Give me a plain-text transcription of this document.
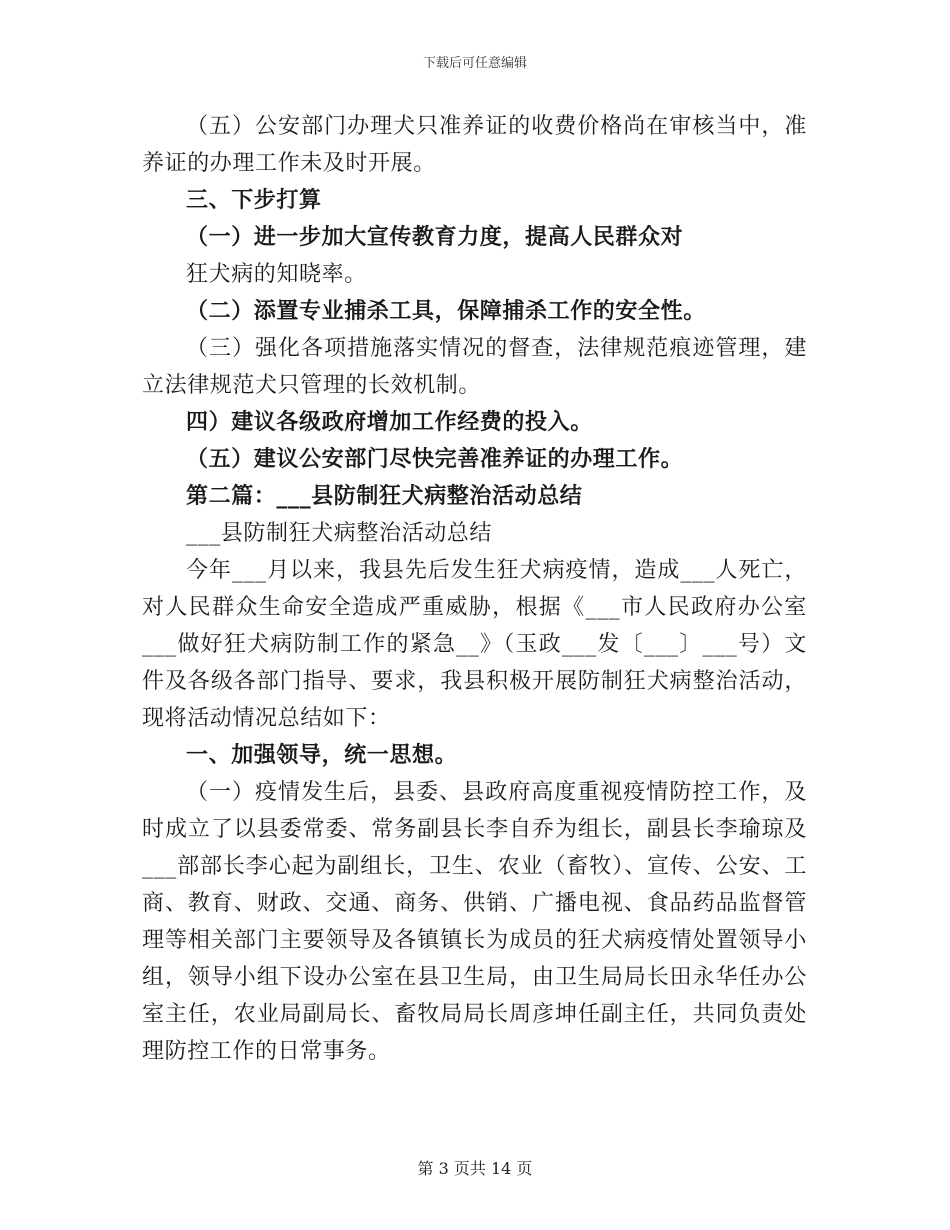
下载后可任意编辑

（五）公安部门办理犬只准养证的收费价格尚在审核当中，准养证的办理工作未及时开展。

三、下步打算

（一）进一步加大宣传教育力度，提高人民群众对

狂犬病的知晓率。

（二）添置专业捕杀工具，保障捕杀工作的安全性。

（三）强化各项措施落实情况的督查，法律规范痕迹管理，建立法律规范犬只管理的长效机制。

四）建议各级政府增加工作经费的投入。

（五）建议公安部门尽快完善准养证的办理工作。

第二篇：___县防制狂犬病整治活动总结

___县防制狂犬病整治活动总结

今年___月以来，我县先后发生狂犬病疫情，造成___人死亡，对人民群众生命安全造成严重威胁，根据《___市人民政府办公室___做好狂犬病防制工作的紧急__》（玉政___发〔___〕___号）文件及各级各部门指导、要求，我县积极开展防制狂犬病整治活动，现将活动情况总结如下：

一、加强领导，统一思想。

（一）疫情发生后，县委、县政府高度重视疫情防控工作，及时成立了以县委常委、常务副县长李自乔为组长，副县长李瑜琼及___部部长李心起为副组长，卫生、农业（畜牧）、宣传、公安、工商、教育、财政、交通、商务、供销、广播电视、食品药品监督管理等相关部门主要领导及各镇镇长为成员的狂犬病疫情处置领导小组，领导小组下设办公室在县卫生局，由卫生局局长田永华任办公室主任，农业局副局长、畜牧局局长周彦坤任副主任，共同负责处理防控工作的日常事务。

第 3 页共 14 页
